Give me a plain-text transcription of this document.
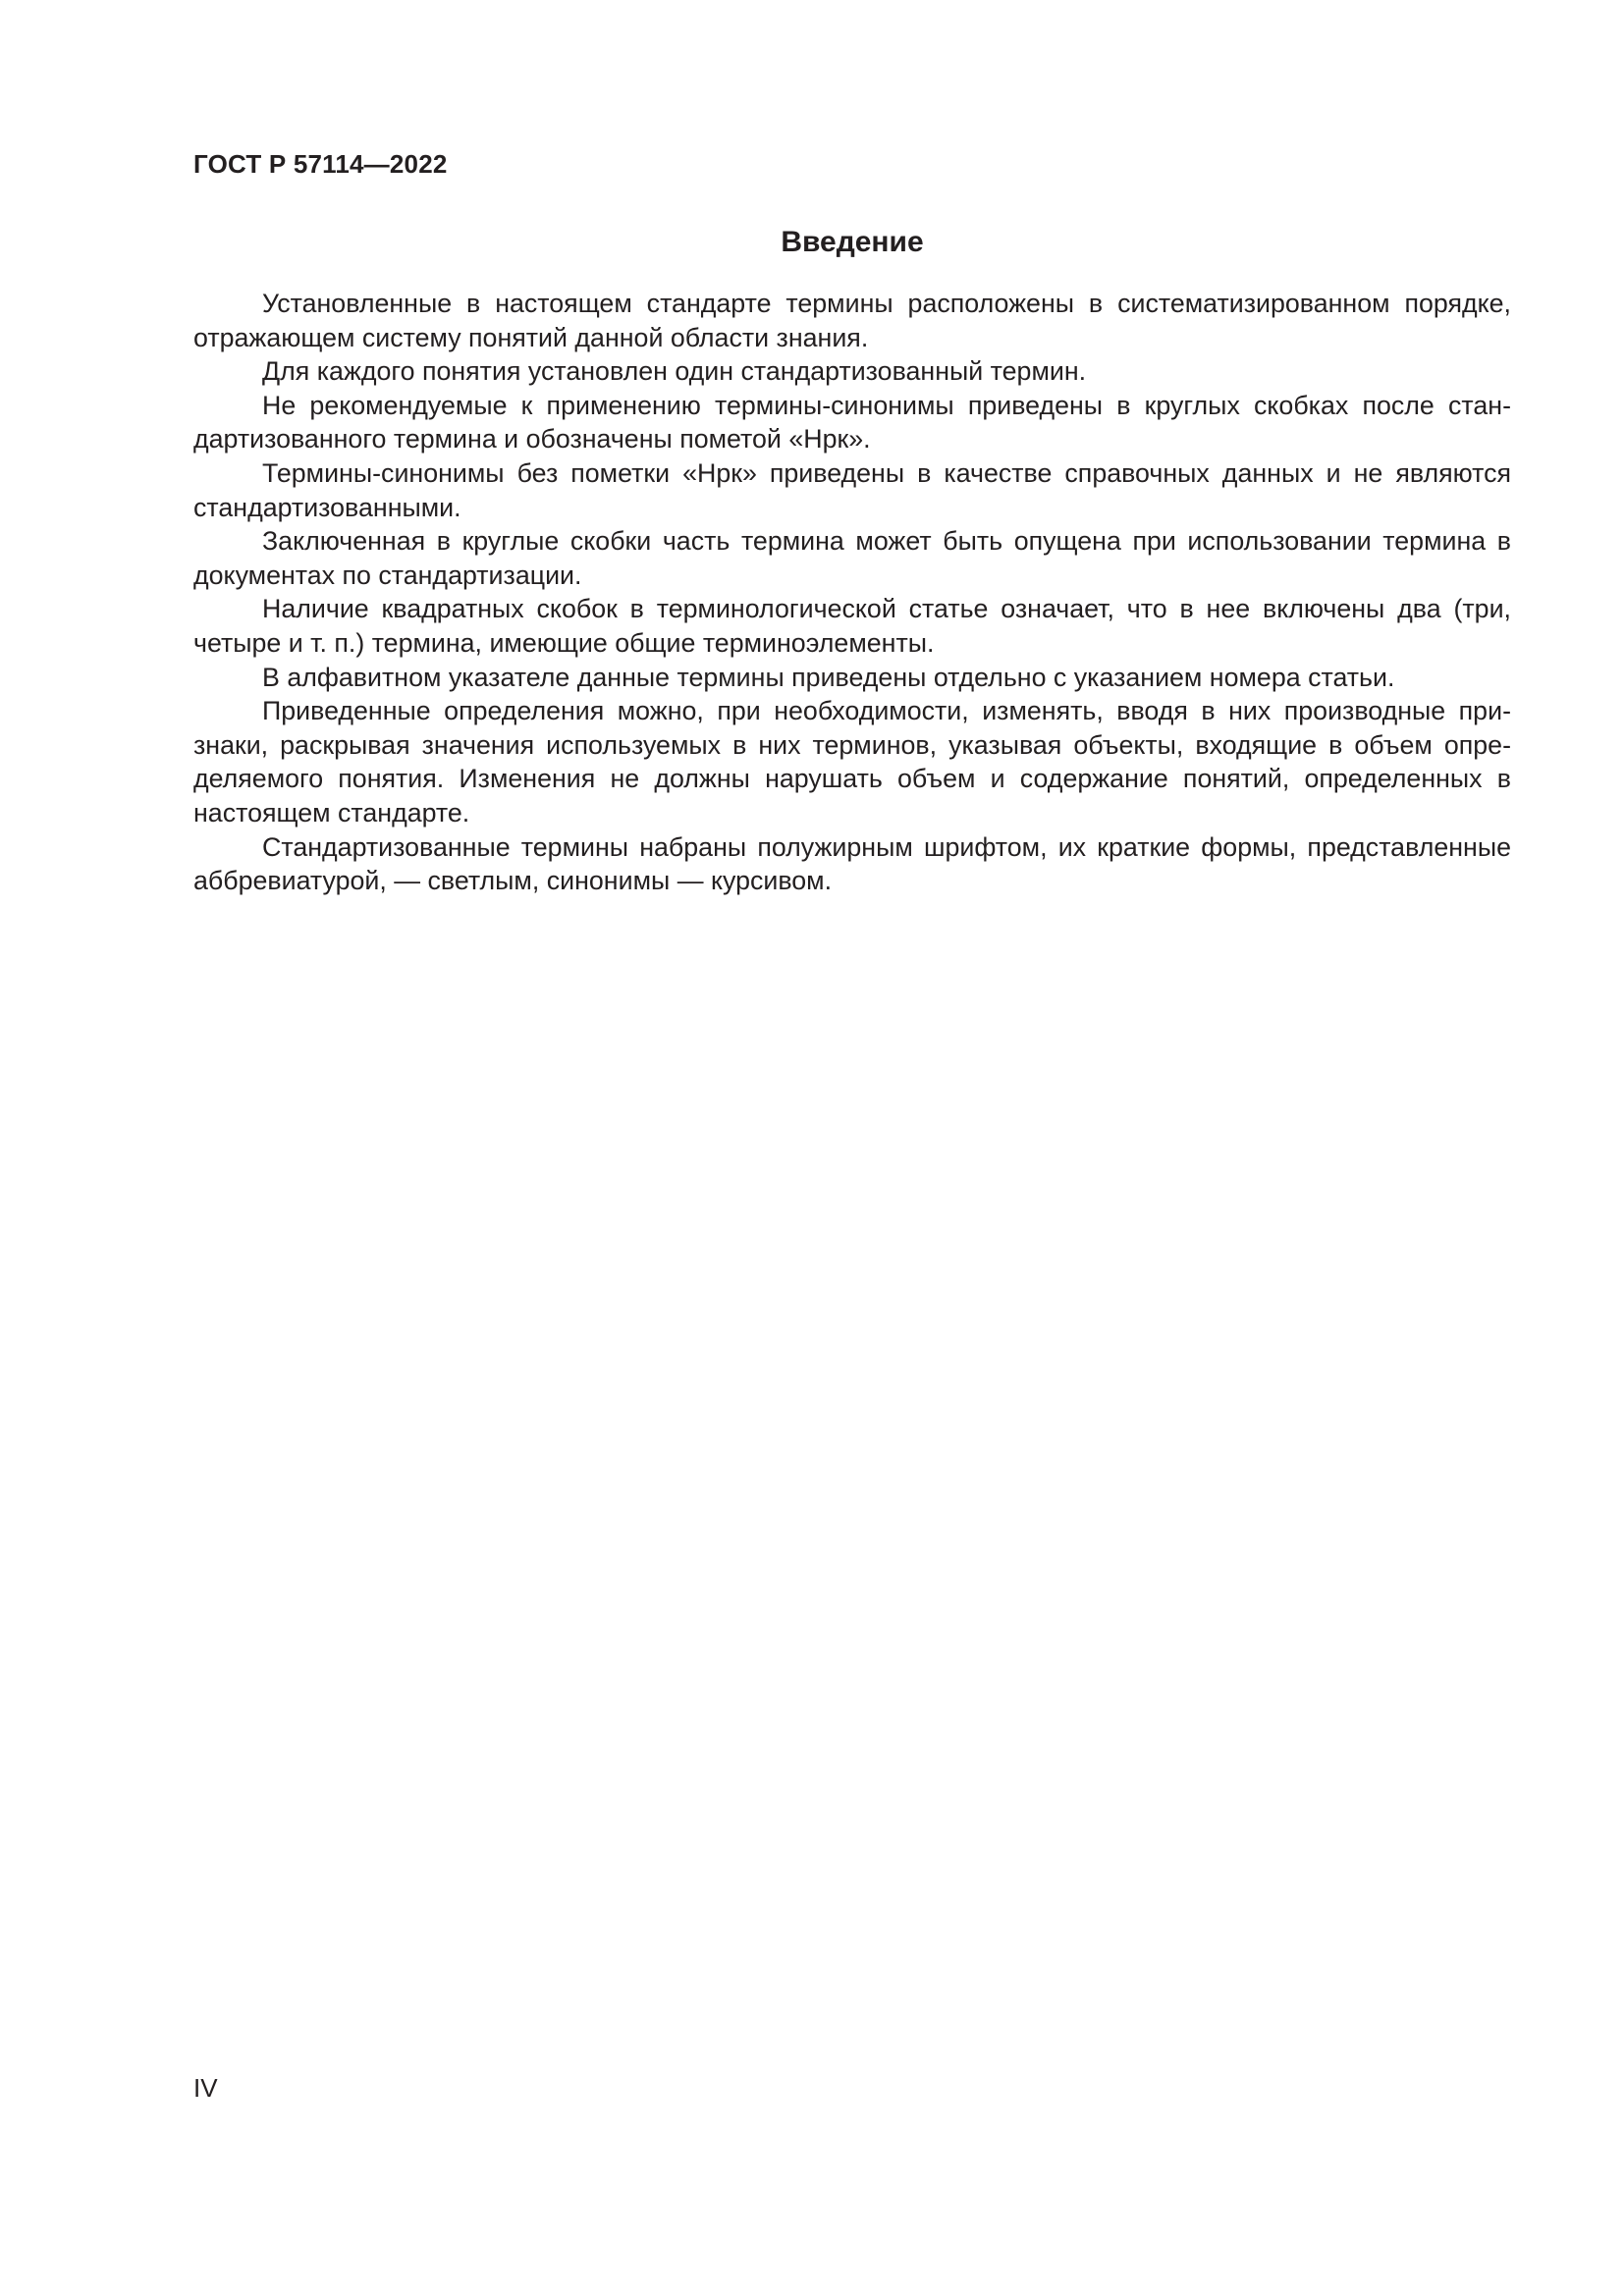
ГОСТ Р 57114—2022
Введение

Установленные в настоящем стандарте термины расположены в систематизированном порядке, отражающем систему понятий данной области знания.

Для каждого понятия установлен один стандартизованный термин.

Не рекомендуемые к применению термины-синонимы приведены в круглых скобках после стандартизованного термина и обозначены пометой «Нрк».

Термины-синонимы без пометки «Нрк» приведены в качестве справочных данных и не являются стандартизованными.

Заключенная в круглые скобки часть термина может быть опущена при использовании термина в документах по стандартизации.

Наличие квадратных скобок в терминологической статье означает, что в нее включены два (три, четыре и т. п.) термина, имеющие общие терминоэлементы.

В алфавитном указателе данные термины приведены отдельно с указанием номера статьи.

Приведенные определения можно, при необходимости, изменять, вводя в них производные признаки, раскрывая значения используемых в них терминов, указывая объекты, входящие в объем определяемого понятия. Изменения не должны нарушать объем и содержание понятий, определенных в настоящем стандарте.

Стандартизованные термины набраны полужирным шрифтом, их краткие формы, представленные аббревиатурой, — светлым, синонимы — курсивом.

IV
